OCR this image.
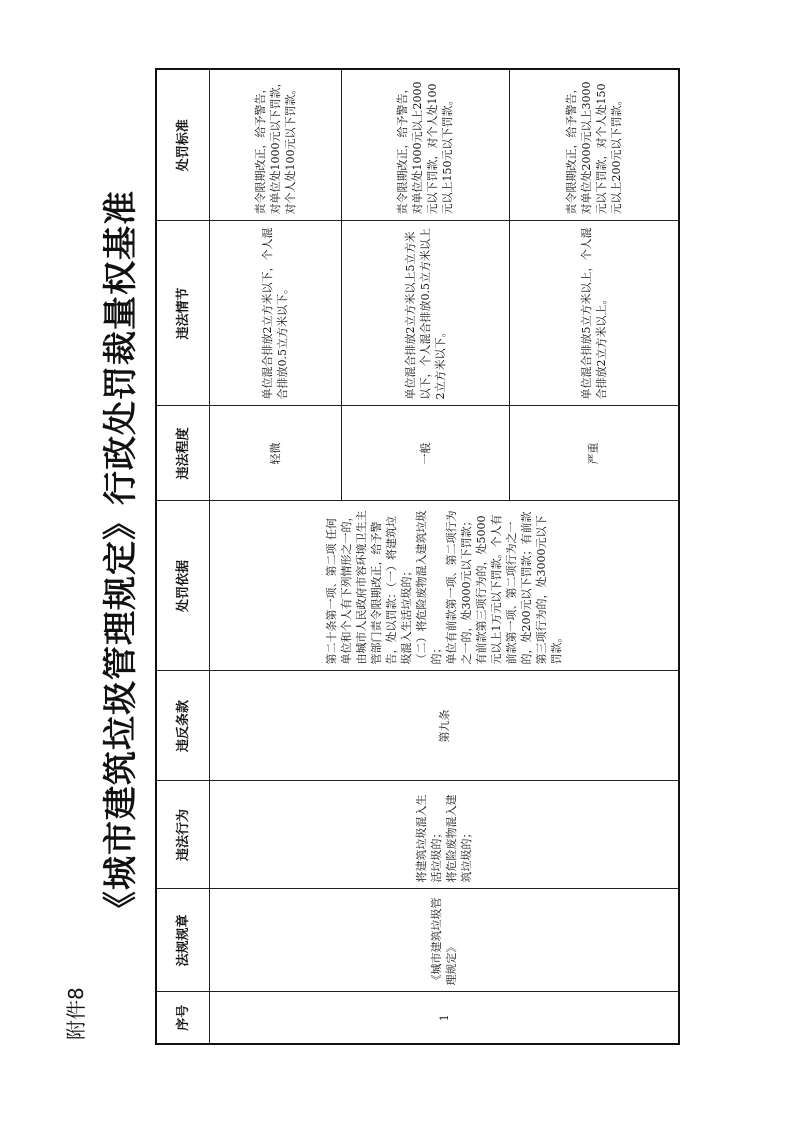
附件8
《城市建筑垃圾管理规定》行政处罚裁量权基准
序号	法规规章	违法行为	违反条款	处罚依据	违法程度	违法情节	处罚标准
1	《城市建筑垃圾管理规定》	将建筑垃圾混入生活垃圾的； 将危险废物混入建筑垃圾的；	第九条	第二十条第一项、第二项 任何单位和个人有下列情形之一的，由城市人民政府市容环境卫生主管部门责令限期改正，给予警告，处以罚款：（一）将建筑垃圾混入生活垃圾的； （二）将危险废物混入建筑垃圾的； 单位有前款第一项、第二项行为之一的，处3000元以下罚款；有前款第三项行为的，处5000元以上1万元以下罚款。个人有前款第一项、第二项行为之一的，处200元以下罚款；有前款第三项行为的，处3000元以下罚款。	轻微	单位混合排放2立方米以下，个人混合排放0.5立方米以下。	责令限期改正，给予警告，对单位处1000元以下罚款，对个人处100元以下罚款。
					一般	单位混合排放2立方米以上5立方米以下，个人混合排放0.5立方米以上2立方米以下。	责令限期改正，给予警告，对单位处1000元以上2000元以下罚款，对个人处100元以上150元以下罚款。
					严重	单位混合排放5立方米以上，个人混合排放2立方米以上。	责令限期改正，给予警告，对单位处2000元以上3000元以下罚款，对个人处150元以上200元以下罚款。
